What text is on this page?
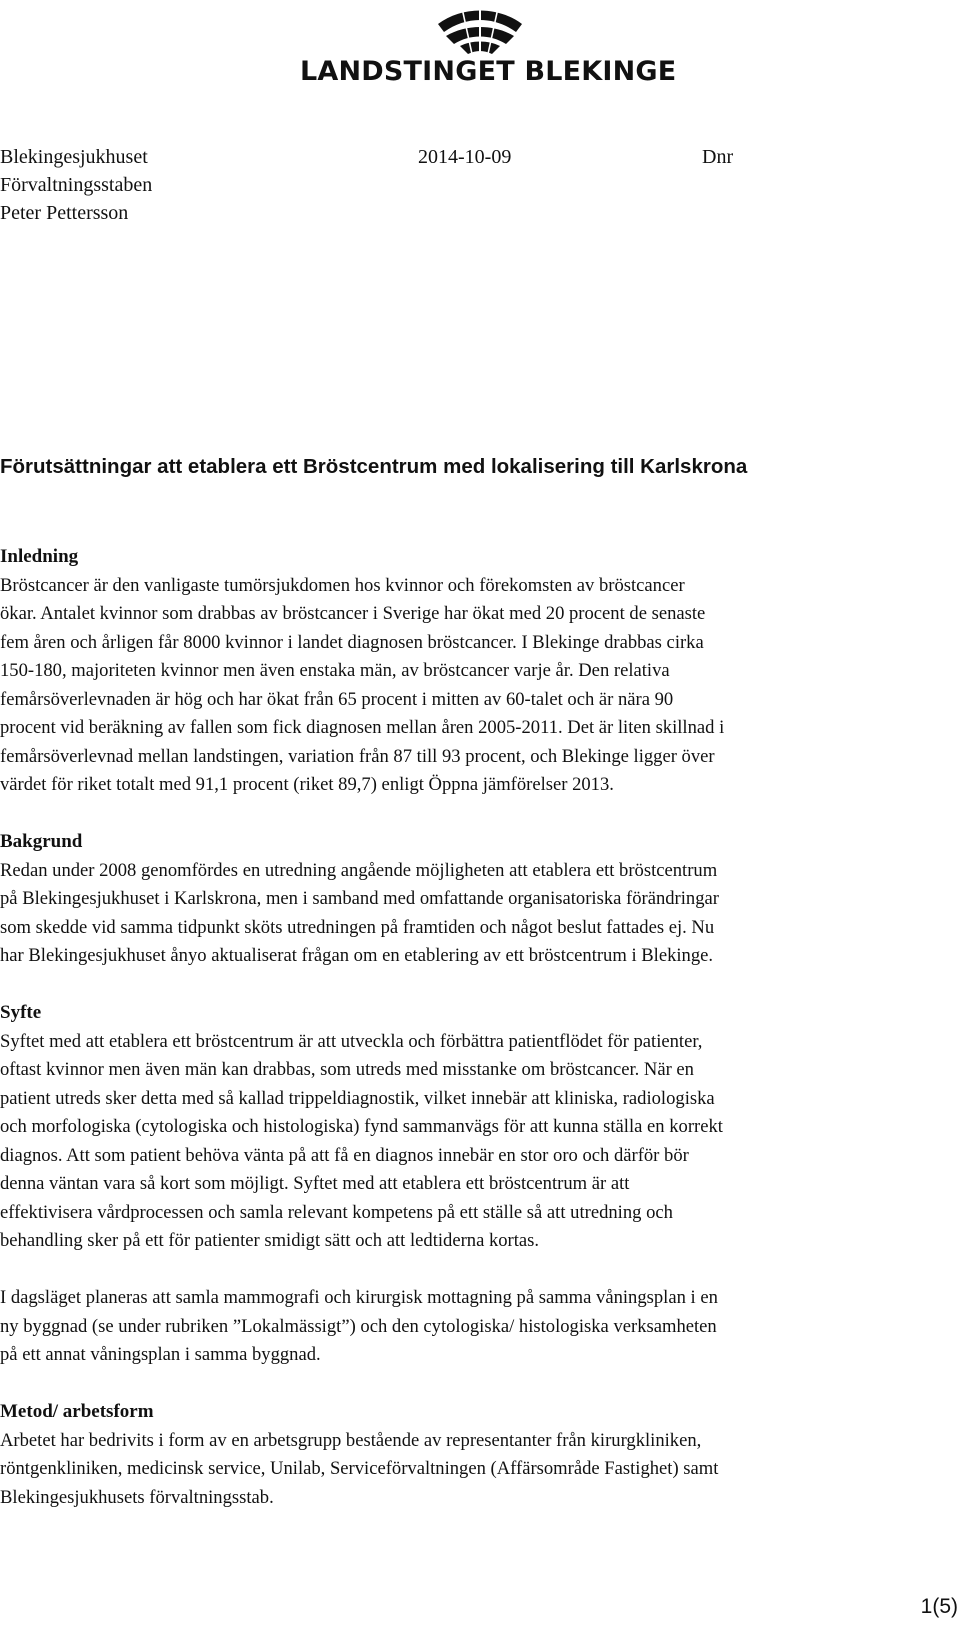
LANDSTINGET BLEKINGE
Blekingesjukhuset	2014-10-09	Dnr
Förvaltningsstaben
Peter Pettersson
Förutsättningar att etablera ett Bröstcentrum med lokalisering till Karlskrona
Inledning

Bröstcancer är den vanligaste tumörsjukdomen hos kvinnor och förekomsten av bröstcancer
ökar. Antalet kvinnor som drabbas av bröstcancer i Sverige har ökat med 20 procent de senaste
fem åren och årligen får 8000 kvinnor i landet diagnosen bröstcancer. I Blekinge drabbas cirka
150-180, majoriteten kvinnor men även enstaka män, av bröstcancer varje år. Den relativa
femårsöverlevnaden är hög och har ökat från 65 procent i mitten av 60-talet och är nära 90
procent vid beräkning av fallen som fick diagnosen mellan åren 2005-2011. Det är liten skillnad i
femårsöverlevnad mellan landstingen, variation från 87 till 93 procent, och Blekinge ligger över
värdet för riket totalt med 91,1 procent (riket 89,7) enligt Öppna jämförelser 2013.

Bakgrund

Redan under 2008 genomfördes en utredning angående möjligheten att etablera ett bröstcentrum
på Blekingesjukhuset i Karlskrona, men i samband med omfattande organisatoriska förändringar
som skedde vid samma tidpunkt sköts utredningen på framtiden och något beslut fattades ej. Nu
har Blekingesjukhuset ånyo aktualiserat frågan om en etablering av ett bröstcentrum i Blekinge.

Syfte

Syftet med att etablera ett bröstcentrum är att utveckla och förbättra patientflödet för patienter,
oftast kvinnor men även män kan drabbas, som utreds med misstanke om bröstcancer. När en
patient utreds sker detta med så kallad trippeldiagnostik, vilket innebär att kliniska, radiologiska
och morfologiska (cytologiska och histologiska) fynd sammanvägs för att kunna ställa en korrekt
diagnos. Att som patient behöva vänta på att få en diagnos innebär en stor oro och därför bör
denna väntan vara så kort som möjligt. Syftet med att etablera ett bröstcentrum är att
effektivisera vårdprocessen och samla relevant kompetens på ett ställe så att utredning och
behandling sker på ett för patienter smidigt sätt och att ledtiderna kortas.

I dagsläget planeras att samla mammografi och kirurgisk mottagning på samma våningsplan i en
ny byggnad (se under rubriken ”Lokalmässigt”) och den cytologiska/ histologiska verksamheten
på ett annat våningsplan i samma byggnad.

Metod/ arbetsform

Arbetet har bedrivits i form av en arbetsgrupp bestående av representanter från kirurgkliniken,
röntgenkliniken, medicinsk service, Unilab, Serviceförvaltningen (Affärsområde Fastighet) samt
Blekingesjukhusets förvaltningsstab.

1(5)
